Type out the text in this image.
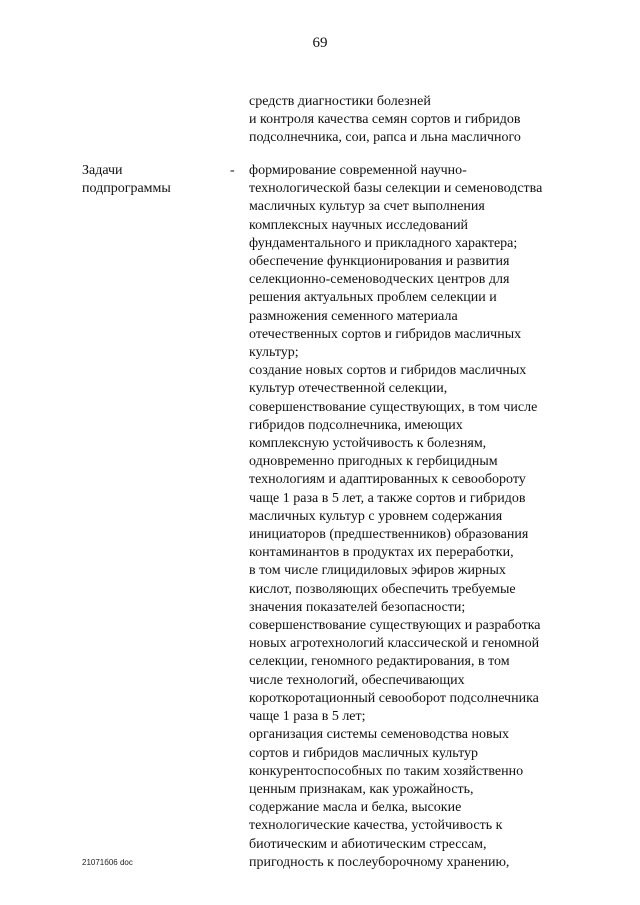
69
средств диагностики болезней
и контроля качества семян сортов и гибридов
подсолнечника, сои, рапса и льна масличного
Задачи
подпрограммы
- формирование современной научно-
технологической базы селекции и семеноводства
масличных культур за счет выполнения
комплексных научных исследований
фундаментального и прикладного характера;
обеспечение функционирования и развития
селекционно-семеноводческих центров для
решения актуальных проблем селекции и
размножения семенного материала
отечественных сортов и гибридов масличных
культур;
создание новых сортов и гибридов масличных
культур отечественной селекции,
совершенствование существующих, в том числе
гибридов подсолнечника, имеющих
комплексную устойчивость к болезням,
одновременно пригодных к гербицидным
технологиям и адаптированных к севообороту
чаще 1 раза в 5 лет, а также сортов и гибридов
масличных культур с уровнем содержания
инициаторов (предшественников) образования
контаминантов в продуктах их переработки,
в том числе глицидиловых эфиров жирных
кислот, позволяющих обеспечить требуемые
значения показателей безопасности;
совершенствование существующих и разработка
новых агротехнологий классической и геномной
селекции, геномного редактирования, в том
числе технологий, обеспечивающих
короткоротационный севооборот подсолнечника
чаще 1 раза в 5 лет;
организация системы семеноводства новых
сортов и гибридов масличных культур
конкурентоспособных по таким хозяйственно
ценным признакам, как урожайность,
содержание масла и белка, высокие
технологические качества, устойчивость к
биотическим и абиотическим стрессам,
пригодность к послеуборочному хранению,
21071б06 doc
